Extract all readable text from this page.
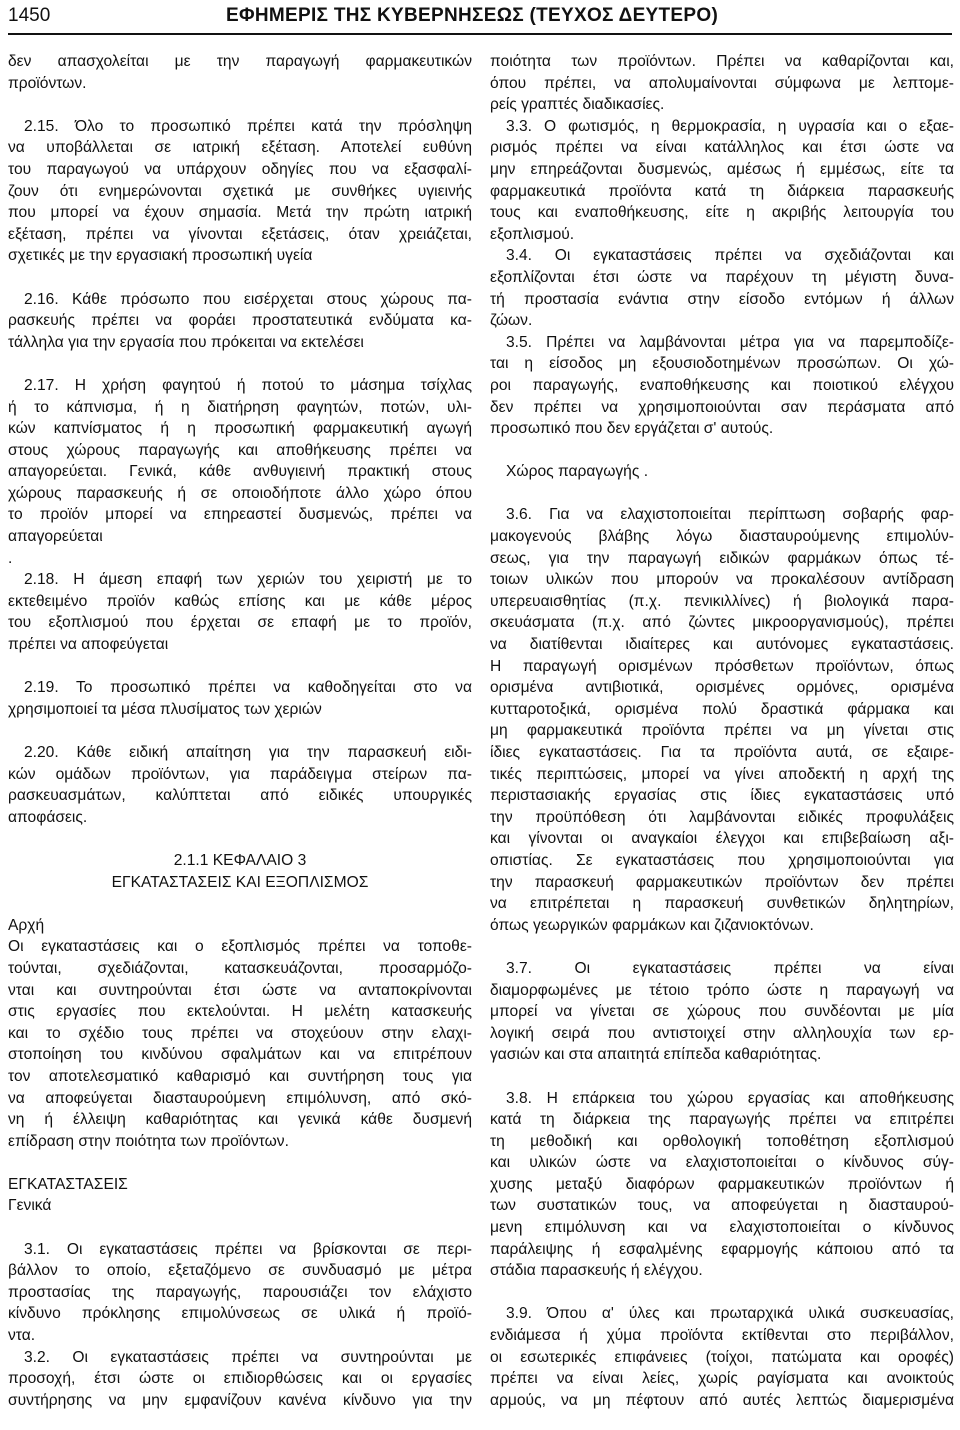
1450	ΕΦΗΜΕΡΙΣ ΤΗΣ ΚΥΒΕΡΝΗΣΕΩΣ (ΤΕΥΧΟΣ ΔΕΥΤΕΡΟ)
δεν απασχολείται με την παραγωγή φαρμακευτικών
προϊόντων.
2.15. Όλο το προσωπικό πρέπει κατά την πρόσληψη
να υποβάλλεται σε ιατρική εξέταση. Αποτελεί ευθύνη
του παραγωγού να υπάρχουν οδηγίες που να εξασφαλί-
ζουν ότι ενημερώνονται σχετικά με συνθήκες υγιεινής
που μπορεί να έχουν σημασία. Μετά την πρώτη ιατρική
εξέταση, πρέπει να γίνονται εξετάσεις, όταν χρειάζεται,
σχετικές με την εργασιακή προσωπική υγεία
2.16. Κάθε πρόσωπο που εισέρχεται στους χώρους πα-
ρασκευής πρέπει να φοράει προστατευτικά ενδύματα κα-
τάλληλα για την εργασία που πρόκειται να εκτελέσει
2.17. Η χρήση φαγητού ή ποτού το μάσημα τσίχλας
ή το κάπνισμα, ή η διατήρηση φαγητών, ποτών, υλι-
κών καπνίσματος ή η προσωπική φαρμακευτική αγωγή
στους χώρους παραγωγής και αποθήκευσης πρέπει να
απαγορεύεται. Γενικά, κάθε ανθυγιεινή πρακτική στους
χώρους παρασκευής ή σε οποιοδήποτε άλλο χώρο όπου
το προϊόν μπορεί να επηρεαστεί δυσμενώς, πρέπει να
απαγορεύεται
.
2.18. Η άμεση επαφή των χεριών του χειριστή με το
εκτεθειμένο προϊόν καθώς επίσης και με κάθε μέρος
του εξοπλισμού που έρχεται σε επαφή με το προϊόν,
πρέπει να αποφεύγεται
2.19. Το προσωπικό πρέπει να καθοδηγείται στο να
χρησιμοποιεί τα μέσα πλυσίματος των χεριών
2.20. Κάθε ειδική απαίτηση για την παρασκευή ειδι-
κών ομάδων προϊόντων, για παράδειγμα στείρων πα-
ρασκευασμάτων, καλύπτεται από ειδικές υπουργικές
αποφάσεις.
2.1.1 ΚΕΦΑΛΑΙΟ 3
ΕΓΚΑΤΑΣΤΑΣΕΙΣ ΚΑΙ ΕΞΟΠΛΙΣΜΟΣ
Αρχή
Οι εγκαταστάσεις και ο εξοπλισμός πρέπει να τοποθε-
τούνται, σχεδιάζονται, κατασκευάζονται, προσαρμόζο-
νται και συντηρούνται έτσι ώστε να ανταποκρίνονται
στις εργασίες που εκτελούνται. Η μελέτη κατασκευής
και το σχέδιο τους πρέπει να στοχεύουν στην ελαχι-
στοποίηση του κινδύνου σφαλμάτων και να επιτρέπουν
τον αποτελεσματικό καθαρισμό και συντήρηση τους για
να αποφεύγεται διασταυρούμενη επιμόλυνση, από σκό-
νη ή έλλειψη καθαριότητας και γενικά κάθε δυσμενή
επίδραση στην ποιότητα των προϊόντων.
ΕΓΚΑΤΑΣΤΑΣΕΙΣ
Γενικά
3.1. Οι εγκαταστάσεις πρέπει να βρίσκονται σε περι-
βάλλον το οποίο, εξεταζόμενο σε συνδυασμό με μέτρα
προστασίας της παραγωγής, παρουσιάζει τον ελάχιστο
κίνδυνο πρόκλησης επιμολύνσεως σε υλικά ή προϊό-
ντα.
3.2. Οι εγκαταστάσεις πρέπει να συντηρούνται με
προσοχή, έτσι ώστε οι επιδιορθώσεις και οι εργασίες
συντήρησης να μην εμφανίζουν κανένα κίνδυνο για την
ποιότητα των προϊόντων. Πρέπει να καθαρίζονται και,
όπου πρέπει, να απολυμαίνονται σύμφωνα με λεπτομε-
ρείς γραπτές διαδικασίες.
3.3. Ο φωτισμός, η θερμοκρασία, η υγρασία και ο εξαε-
ρισμός πρέπει να είναι κατάλληλος και έτσι ώστε να
μην επηρεάζονται δυσμενώς, αμέσως ή εμμέσως, είτε τα
φαρμακευτικά προϊόντα κατά τη διάρκεια παρασκευής
τους και εναποθήκευσης, είτε η ακριβής λειτουργία του
εξοπλισμού.
3.4. Οι εγκαταστάσεις πρέπει να σχεδιάζονται και
εξοπλίζονται έτσι ώστε να παρέχουν τη μέγιστη δυνα-
τή προστασία ενάντια στην είσοδο εντόμων ή άλλων
ζώων.
3.5. Πρέπει να λαμβάνονται μέτρα για να παρεμποδίζε-
ται η είσοδος μη εξουσιοδοτημένων προσώπων. Οι χώ-
ροι παραγωγής, εναποθήκευσης και ποιοτικού ελέγχου
δεν πρέπει να χρησιμοποιούνται σαν περάσματα από
προσωπικό που δεν εργάζεται σ' αυτούς.
Χώρος παραγωγής .
3.6. Για να ελαχιστοποιείται περίπτωση σοβαρής φαρ-
μακογενούς βλάβης λόγω διασταυρούμενης επιμολύν-
σεως, για την παραγωγή ειδικών φαρμάκων όπως τέ-
τοιων υλικών που μπορούν να προκαλέσουν αντίδραση
υπερευαισθητίας (π.χ. πενικιλλίνες) ή βιολογικά παρα-
σκευάσματα (π.χ. από ζώντες μικροοργανισμούς), πρέπει
να διατίθενται ιδιαίτερες και αυτόνομες εγκαταστάσεις.
Η παραγωγή ορισμένων πρόσθετων προϊόντων, όπως
ορισμένα αντιβιοτικά, ορισμένες ορμόνες, ορισμένα
κυτταροτοξικά, ορισμένα πολύ δραστικά φάρμακα και
μη φαρμακευτικά προϊόντα πρέπει να μη γίνεται στις
ίδιες εγκαταστάσεις. Για τα προϊόντα αυτά, σε εξαιρε-
τικές περιπτώσεις, μπορεί να γίνει αποδεκτή η αρχή της
περιστασιακής εργασίας στις ίδιες εγκαταστάσεις υπό
την προϋπόθεση ότι λαμβάνονται ειδικές προφυλάξεις
και γίνονται οι αναγκαίοι έλεγχοι και επιβεβαίωση αξι-
οπιστίας. Σε εγκαταστάσεις που χρησιμοποιούνται για
την παρασκευή φαρμακευτικών προϊόντων δεν πρέπει
να επιτρέπεται η παρασκευή συνθετικών δηλητηρίων,
όπως γεωργικών φαρμάκων και ζιζανιοκτόνων.
3.7. Οι εγκαταστάσεις πρέπει να είναι
διαμορφωμένες με τέτοιο τρόπο ώστε η παραγωγή να
μπορεί να γίνεται σε χώρους που συνδέονται με μία
λογική σειρά που αντιστοιχεί στην αλληλουχία των ερ-
γασιών και στα απαιτητά επίπεδα καθαριότητας.
3.8. Η επάρκεια του χώρου εργασίας και αποθήκευσης
κατά τη διάρκεια της παραγωγής πρέπει να επιτρέπει
τη μεθοδική και ορθολογική τοποθέτηση εξοπλισμού
και υλικών ώστε να ελαχιστοποιείται ο κίνδυνος σύγ-
χυσης μεταξύ διαφόρων φαρμακευτικών προϊόντων ή
των συστατικών τους, να αποφεύγεται η διασταυρού-
μενη επιμόλυνση και να ελαχιστοποιείται ο κίνδυνος
παράλειψης ή εσφαλμένης εφαρμογής κάποιου από τα
στάδια παρασκευής ή ελέγχου.
3.9. Όπου α' ύλες και πρωταρχικά υλικά συσκευασίας,
ενδιάμεσα ή χύμα προϊόντα εκτίθενται στο περιβάλλον,
οι εσωτερικές επιφάνειες (τοίχοι, πατώματα και οροφές)
πρέπει να είναι λείες, χωρίς ραγίσματα και ανοικτούς
αρμούς, να μη πέφτουν από αυτές λεπτώς διαμερισμένα
